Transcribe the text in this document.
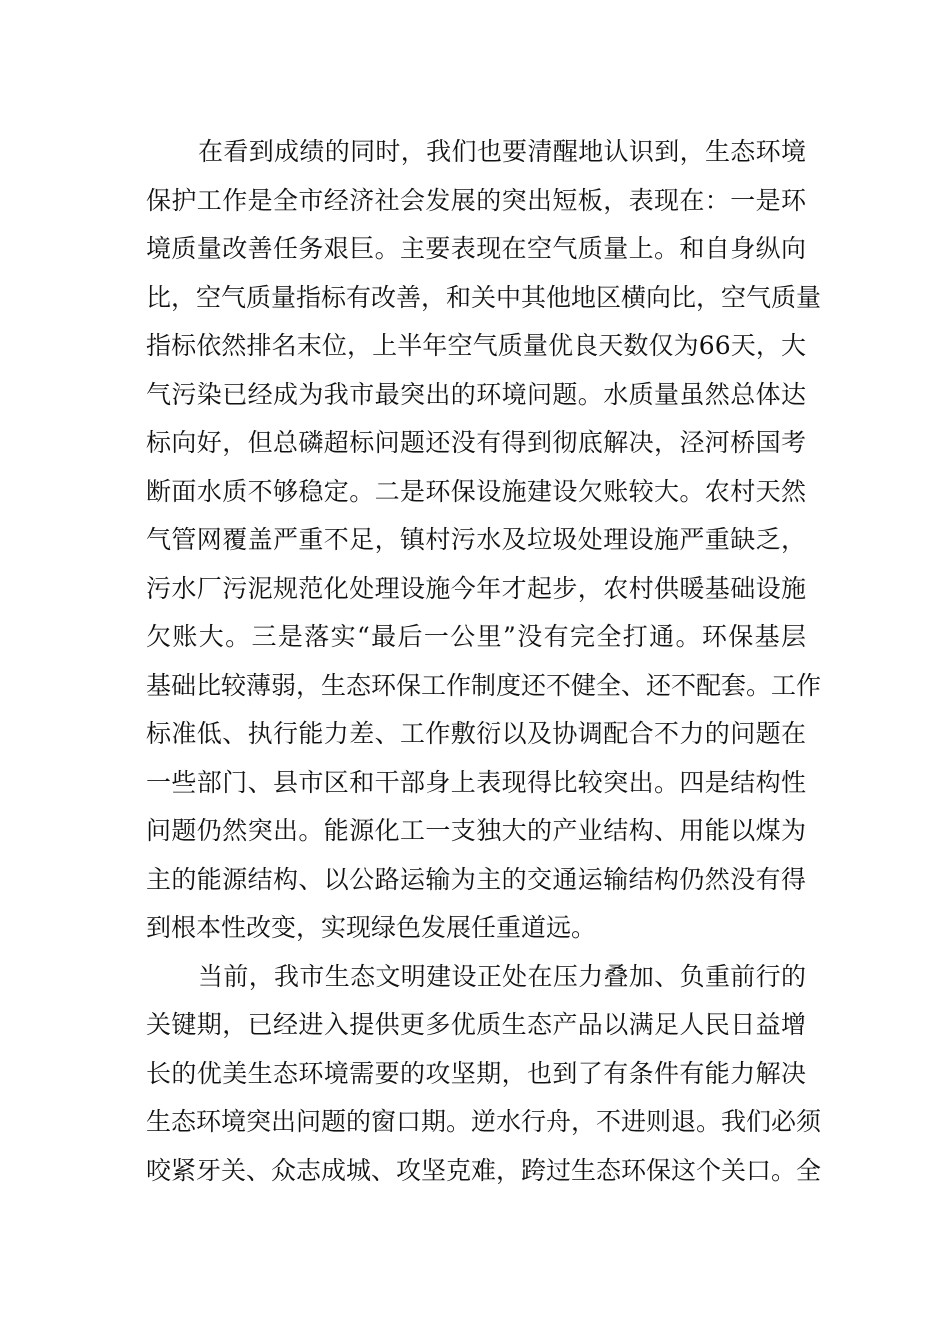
在看到成绩的同时，我们也要清醒地认识到，生态环境
保护工作是全市经济社会发展的突出短板，表现在：一是环
境质量改善任务艰巨。主要表现在空气质量上。和自身纵向
比，空气质量指标有改善，和关中其他地区横向比，空气质量
指标依然排名末位，上半年空气质量优良天数仅为66天，大
气污染已经成为我市最突出的环境问题。水质量虽然总体达
标向好，但总磷超标问题还没有得到彻底解决，泾河桥国考
断面水质不够稳定。二是环保设施建设欠账较大。农村天然
气管网覆盖严重不足，镇村污水及垃圾处理设施严重缺乏，
污水厂污泥规范化处理设施今年才起步，农村供暖基础设施
欠账大。三是落实“最后一公里”没有完全打通。环保基层
基础比较薄弱，生态环保工作制度还不健全、还不配套。工作
标准低、执行能力差、工作敷衍以及协调配合不力的问题在
一些部门、县市区和干部身上表现得比较突出。四是结构性
问题仍然突出。能源化工一支独大的产业结构、用能以煤为
主的能源结构、以公路运输为主的交通运输结构仍然没有得
到根本性改变，实现绿色发展任重道远。
当前，我市生态文明建设正处在压力叠加、负重前行的
关键期，已经进入提供更多优质生态产品以满足人民日益增
长的优美生态环境需要的攻坚期，也到了有条件有能力解决
生态环境突出问题的窗口期。逆水行舟，不进则退。我们必须
咬紧牙关、众志成城、攻坚克难，跨过生态环保这个关口。全
